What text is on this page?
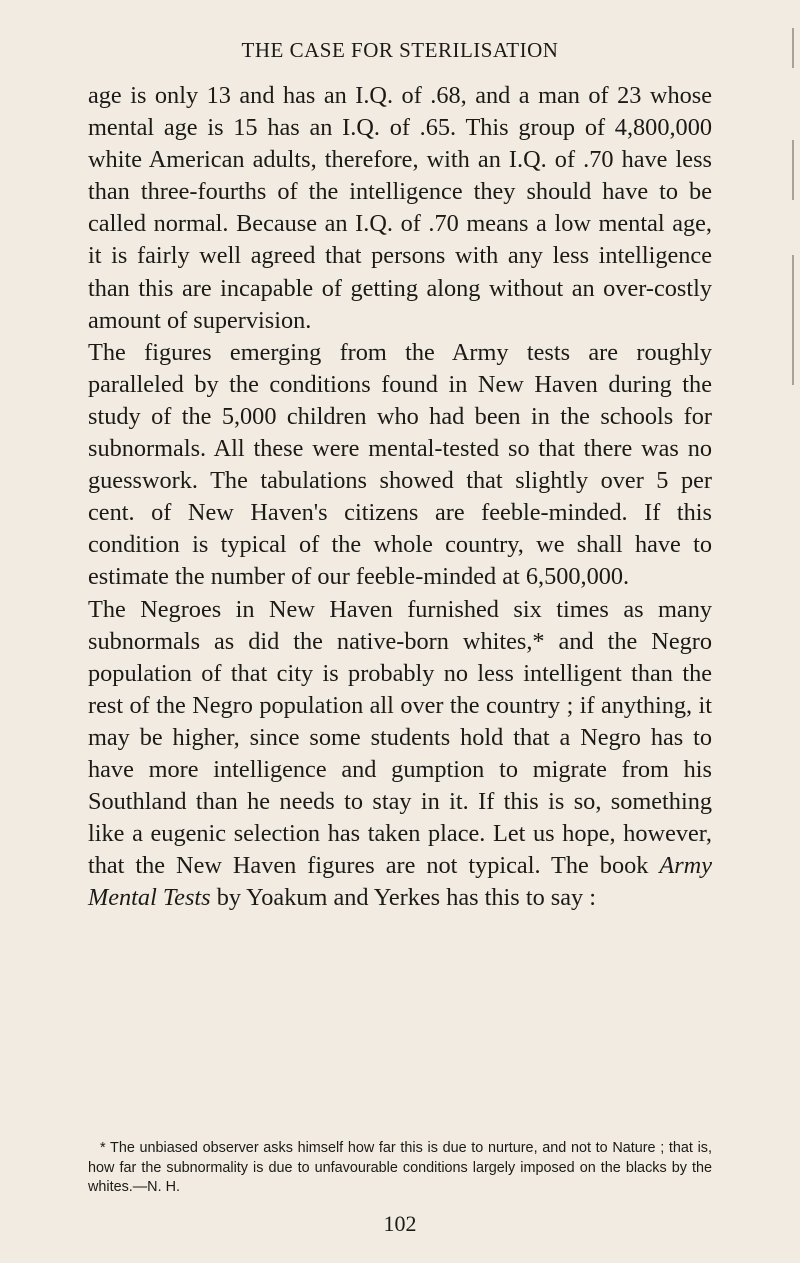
THE CASE FOR STERILISATION

age is only 13 and has an I.Q. of .68, and a man of 23 whose mental age is 15 has an I.Q. of .65. This group of 4,800,000 white American adults, therefore, with an I.Q. of .70 have less than three-fourths of the intelligence they should have to be called normal. Because an I.Q. of .70 means a low mental age, it is fairly well agreed that persons with any less intelligence than this are incapable of getting along without an over-costly amount of supervision.

The figures emerging from the Army tests are roughly paralleled by the conditions found in New Haven during the study of the 5,000 children who had been in the schools for subnormals. All these were mental-tested so that there was no guesswork. The tabulations showed that slightly over 5 per cent. of New Haven's citizens are feeble-minded. If this condition is typical of the whole country, we shall have to estimate the number of our feeble-minded at 6,500,000.

The Negroes in New Haven furnished six times as many subnormals as did the native-born whites,* and the Negro population of that city is probably no less intelligent than the rest of the Negro population all over the country ; if anything, it may be higher, since some students hold that a Negro has to have more intelligence and gumption to migrate from his Southland than he needs to stay in it. If this is so, something like a eugenic selection has taken place. Let us hope, however, that the New Haven figures are not typical. The book Army Mental Tests by Yoakum and Yerkes has this to say :

* The unbiased observer asks himself how far this is due to nurture, and not to Nature ; that is, how far the subnormality is due to unfavourable conditions largely imposed on the blacks by the whites.—N. H.
102
